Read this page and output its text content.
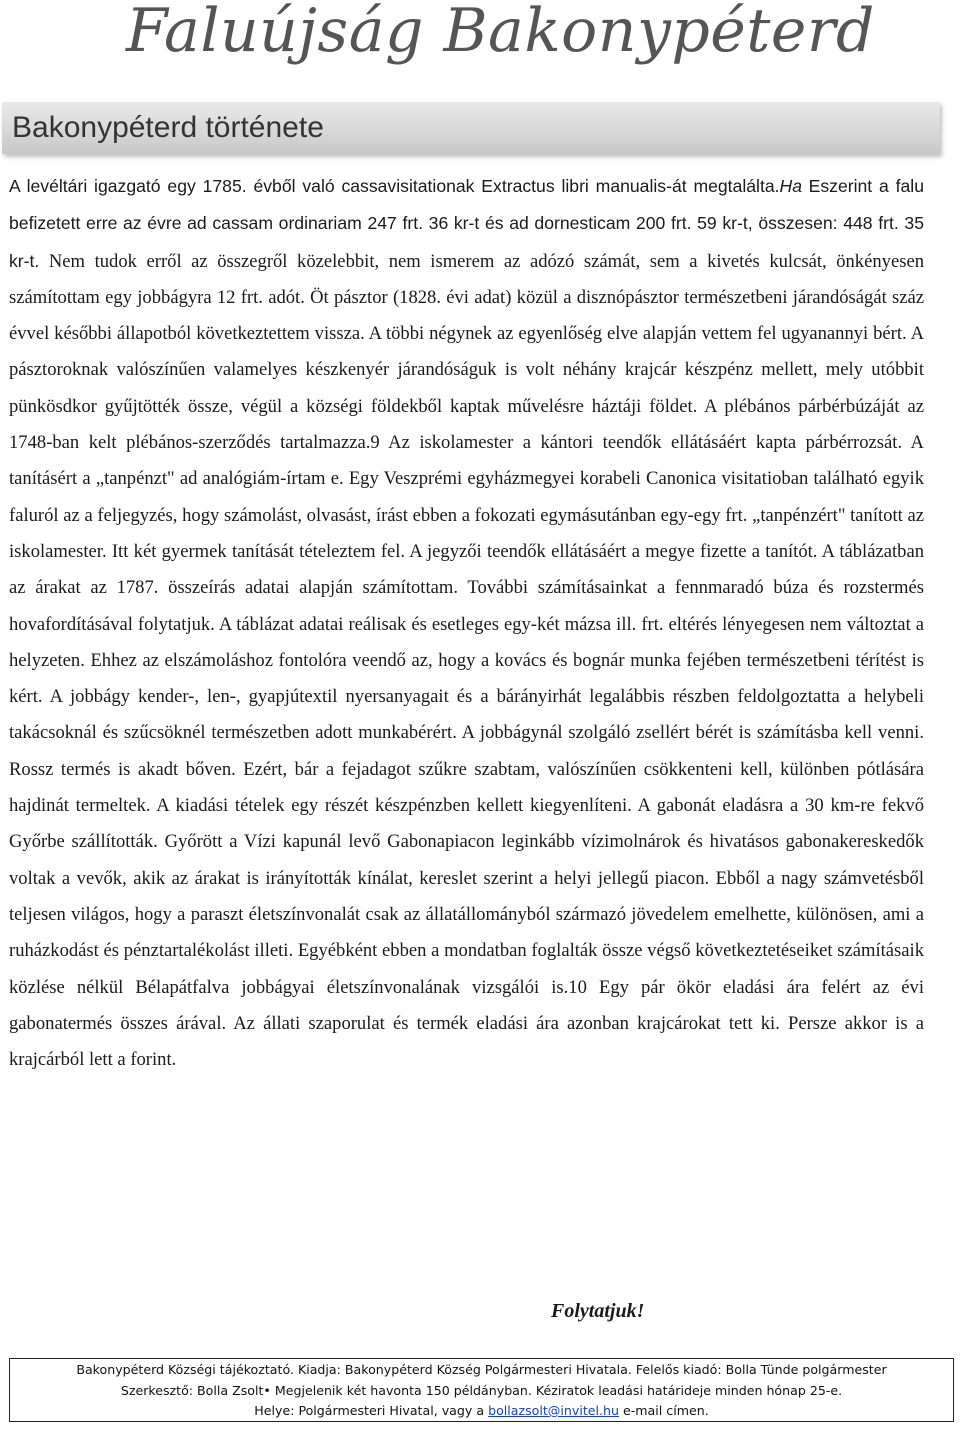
Faluújság Bakonypéterd
Bakonypéterd története
A levéltári igazgató egy 1785. évből való cassavisitationak Extractus libri manualis-át megtalálta.Ha Eszerint a falu befizetett erre az évre ad cassam ordinariam 247 frt. 36 kr-t és ad dornesticam 200 frt. 59 kr-t, összesen: 448 frt. 35 kr-t. Nem tudok erről az összegről közelebbit, nem ismerem az adózó számát, sem a kivetés kulcsát, önkényesen számítottam egy jobbágyra 12 frt. adót. Öt pásztor (1828. évi adat) közül a disznópásztor természetbeni járandóságát száz évvel későbbi állapotból következtettem vissza. A többi négynek az egyenlőség elve alapján vettem fel ugyanannyi bért. A pásztoroknak valószínűen valamelyes készkenyér járandóságuk is volt néhány krajcár készpénz mellett, mely utóbbit pünkösdkor gyűjtötték össze, végül a községi földekből kaptak művelésre háztáji földet. A plébános párbérbúzáját az 1748-ban kelt plébános-szerződés tartalmazza.9 Az iskolamester a kántori teendők ellátásáért kapta párbérrozsát. A tanításért a „tanpénzt" ad analógiám-írtam e. Egy Veszprémi egyházmegyei korabeli Canonica visitatioban található egyik faluról az a feljegyzés, hogy számolást, olvasást, írást ebben a fokozati egymásutánban egy-egy frt. „tanpénzért" tanított az iskolamester. Itt két gyermek tanítását tételeztem fel. A jegyzői teendők ellátásáért a megye fizette a tanítót. A táblázatban az árakat az 1787. összeírás adatai alapján számítottam. További számításainkat a fennmaradó búza és rozstermés hovafordításával folytatjuk. A táblázat adatai reálisak és esetleges egy-két mázsa ill. frt. eltérés lényegesen nem változtat a helyzeten. Ehhez az elszámoláshoz fontolóra veendő az, hogy a kovács és bognár munka fejében természetbeni térítést is kért. A jobbágy kender-, len-, gyapjútextil nyersanyagait és a bárányirhát legalábbis részben feldolgoztatta a helybeli takácsoknál és szűcsöknél természetben adott munkabérért. A jobbágynál szolgáló zsellért bérét is számításba kell venni. Rossz termés is akadt bőven. Ezért, bár a fejadagot szűkre szabtam, valószínűen csökkenteni kell, különben pótlására hajdinát termeltek. A kiadási tételek egy részét készpénzben kellett kiegyenlíteni. A gabonát eladásra a 30 km-re fekvő Győrbe szállították. Győrött a Vízi kapunál levő Gabonapiacon leginkább vízimolnárok és hivatásos gabonakereskedők voltak a vevők, akik az árakat is irányították kínálat, kereslet szerint a helyi jellegű piacon. Ebből a nagy számvetésből teljesen világos, hogy a paraszt életszínvonalát csak az állatállományból származó jövedelem emelhette, különösen, ami a ruházkodást és pénztartalékolást illeti. Egyébként ebben a mondatban foglalták össze végső következtetéseiket számításaik közlése nélkül Bélapátfalva jobbágyai életszínvonalának vizsgálói is.10 Egy pár ökör eladási ára felért az évi gabonatermés összes árával. Az állati szaporulat és termék eladási ára azonban krajcárokat tett ki. Persze akkor is a krajcárból lett a forint.
Folytatjuk!
Bakonypéterd Községi tájékoztató. Kiadja: Bakonypéterd Község Polgármesteri Hivatala. Felelős kiadó: Bolla Tünde polgármester
Szerkesztő: Bolla Zsolt• Megjelenik két havonta 150 példányban. Kéziratok leadási határideje minden hónap 25-e.
Helye: Polgármesteri Hivatal, vagy a bollazsolt@invitel.hu e-mail címen.
